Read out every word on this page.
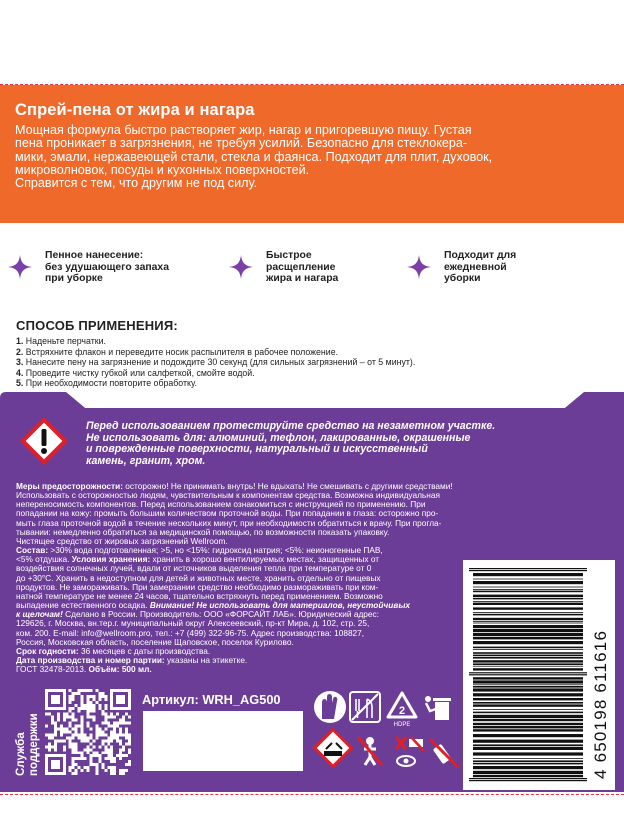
Спрей-пена от жира и нагара

Мощная формула быстро растворяет жир, нагар и пригоревшую пищу. Густая
пена проникает в загрязнения, не требуя усилий. Безопасно для стеклокера-
мики, эмали, нержавеющей стали, стекла и фаянса. Подходит для плит, духовок,
микроволновок, посуды и кухонных поверхностей.
Справится с тем, что другим не под силу.

Пенное нанесение:
без удушающего запаха
при уборке
Быстрое
расщепление
жира и нагара
Подходит для
ежедневной
уборки
СПОСОБ ПРИМЕНЕНИЯ:
1. Наденьте перчатки.
2. Встряхните флакон и переведите носик распылителя в рабочее положение.
3. Нанесите пену на загрязнение и подождите 30 секунд (для сильных загрязнений – от 5 минут).
4. Проведите чистку губкой или салфеткой, смойте водой.
5. При необходимости повторите обработку.
Перед использованием протестируйте средство на незаметном участке.
Не использовать для: алюминий, тефлон, лакированные, окрашенные
и поврежденные поверхности, натуральный и искусственный
камень, гранит, хром.

Меры предосторожности: осторожно! Не принимать внутрь! Не вдыхать! Не смешивать с другими средствами!

Использовать с осторожностью людям, чувствительным к компонентам средства. Возможна индивидуальная

непереносимость компонентов. Перед использованием ознакомиться с инструкцией по применению. При

попадании на кожу: промыть большим количеством проточной воды. При попадании в глаза: осторожно про-

мыть глаза проточной водой в течение нескольких минут, при необходимости обратиться к врачу. При прогла-

тывании: немедленно обратиться за медицинской помощью, по возможности показать упаковку.

Чистящее средство от жировых загрязнений Wellroom.

Состав: >30% вода подготовленная; >5, но <15%: гидроксид натрия; <5%: неионогенные ПАВ,

<5% отдушка. Условия хранения: хранить в хорошо вентилируемых местах, защищенных от

воздействия солнечных лучей, вдали от источников выделения тепла при температуре от 0

до +30°С. Хранить в недоступном для детей и животных месте, хранить отдельно от пищевых

продуктов. Не замораживать. При замерзании средство необходимо размораживать при ком-

натной температуре не менее 24 часов, тщательно встряхнуть перед применением. Возможно

выпадение естественного осадка. Внимание! Не использовать для материалов, неустойчивых

к щелочам! Сделано в России. Производитель: ООО «ФОРСАЙТ ЛАБ». Юридический адрес:

129626, г. Москва, вн.тер.г. муниципальный округ Алексеевский, пр-кт Мира, д. 102, стр. 25,

ком. 200. E-mail: info@wellroom.pro, тел.: +7 (499) 322-96-75. Адрес производства: 108827,

Россия, Московская область, поселение Щаповское, поселок Курилово.

Срок годности: 36 месяцев с даты производства.

Дата производства и номер партии: указаны на этикетке.

ГОСТ 32478-2013. Объём: 500 мл.	4 650198 611616
Служба поддержки
Артикул: WRH_AG500
2
HDPE
